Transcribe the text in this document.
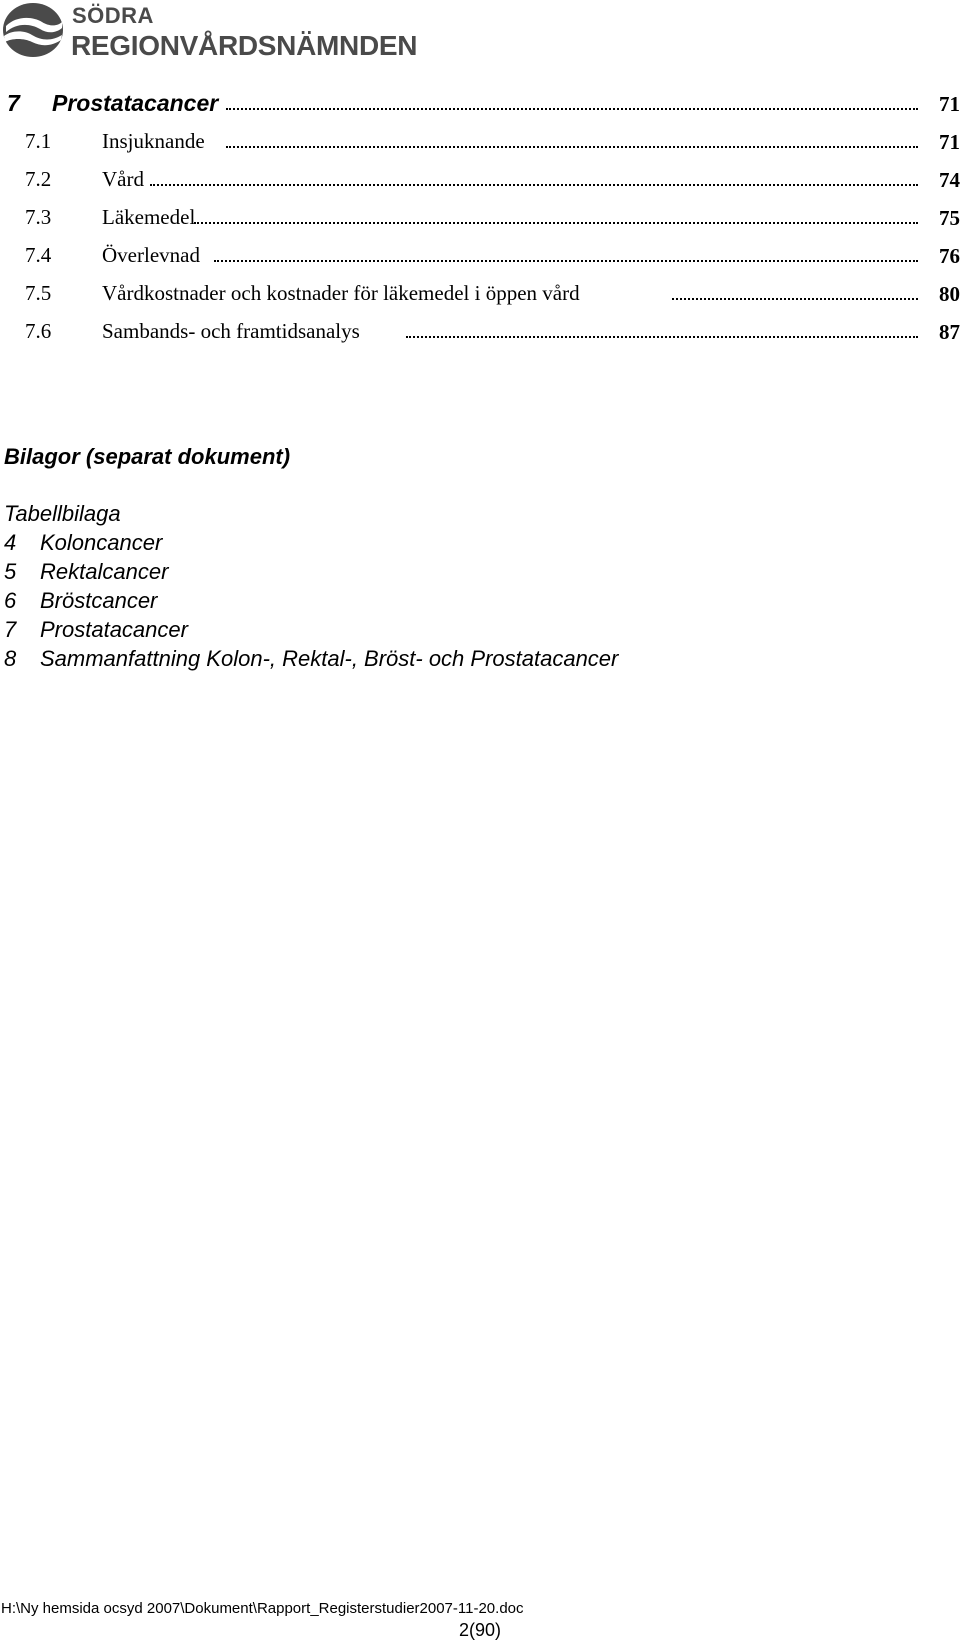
SÖDRA
REGIONVÅRDSNÄMNDEN
7 Prostatacancer	71
7.1 Insjuknande	71
7.2 Vård	74
7.3 Läkemedel	75
7.4 Överlevnad	76
7.5 Vårdkostnader och kostnader för läkemedel i öppen vård	80
7.6 Sambands- och framtidsanalys	87
Bilagor (separat dokument)
Tabellbilaga
4 Koloncancer
5 Rektalcancer
6 Bröstcancer
7 Prostatacancer
8 Sammanfattning Kolon-, Rektal-, Bröst- och Prostatacancer
H:\Ny hemsida ocsyd 2007\Dokument\Rapport_Registerstudier2007-11-20.doc
2(90)
